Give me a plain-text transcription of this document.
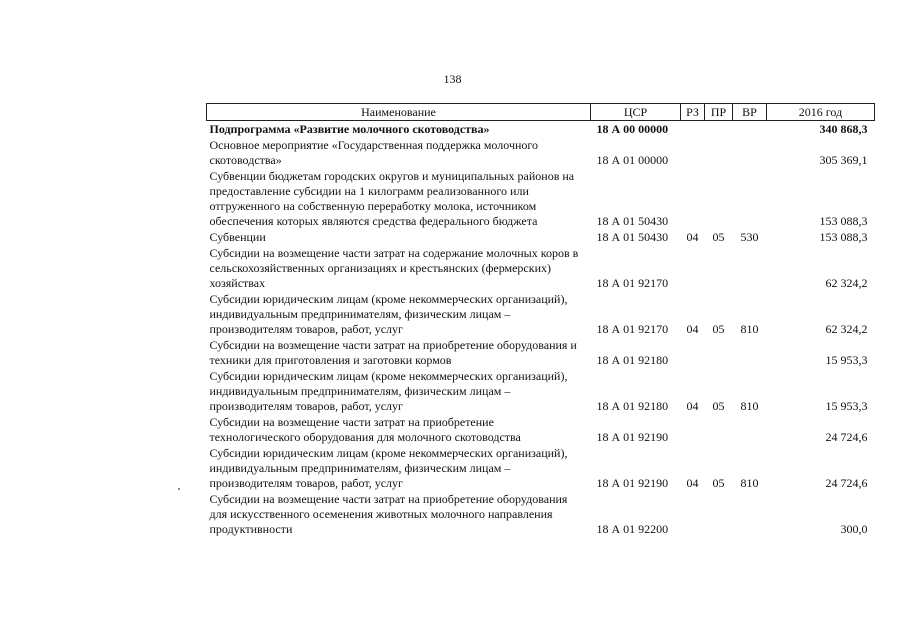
138
Наименование	ЦСР	РЗ	ПР	ВР	2016 год
Подпрограмма «Развитие молочного скотоводства»	18 А 00 00000				340 868,3
Основное мероприятие «Государственная поддержка молочного скотоводства»	18 А 01 00000				305 369,1
Субвенции бюджетам городских округов и муниципальных районов на предоставление субсидии на 1 килограмм реализованного или отгруженного на собственную переработку молока, источником обеспечения которых являются средства федерального бюджета	18 А 01 50430				153 088,3
Субвенции	18 А 01 50430	04	05	530	153 088,3
Субсидии на возмещение части затрат на содержание молочных коров в сельскохозяйственных организациях и крестьянских (фермерских) хозяйствах	18 А 01 92170				62 324,2
Субсидии юридическим лицам (кроме некоммерческих организаций), индивидуальным предпринимателям, физическим лицам – производителям товаров, работ, услуг	18 А 01 92170	04	05	810	62 324,2
Субсидии на возмещение части затрат на приобретение оборудования и техники для приготовления и заготовки кормов	18 А 01 92180				15 953,3
Субсидии юридическим лицам (кроме некоммерческих организаций), индивидуальным предпринимателям, физическим лицам – производителям товаров, работ, услуг	18 А 01 92180	04	05	810	15 953,3
Субсидии на возмещение части затрат на приобретение технологического оборудования для молочного скотоводства	18 А 01 92190				24 724,6
Субсидии юридическим лицам (кроме некоммерческих организаций), индивидуальным предпринимателям, физическим лицам – производителям товаров, работ, услуг	18 А 01 92190	04	05	810	24 724,6
Субсидии на возмещение части затрат на приобретение оборудования для искусственного осеменения животных молочного направления продуктивности	18 А 01 92200				300,0
